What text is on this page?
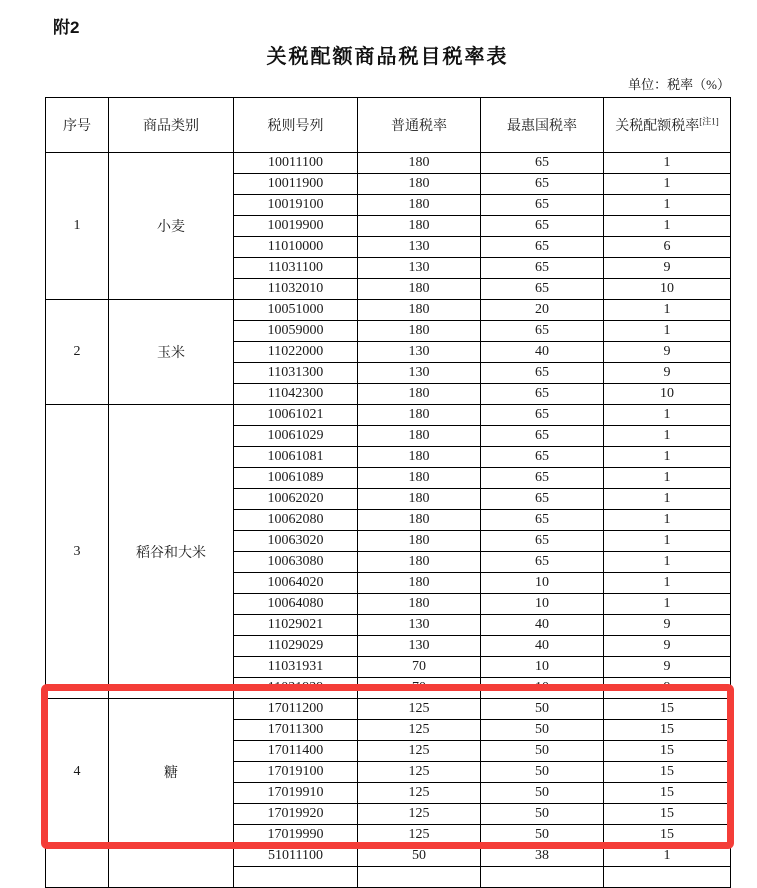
附2
关税配额商品税目税率表
单位：税率（%）
序号	商品类别	税则号列	普通税率	最惠国税率	关税配额税率[注1]
1	小麦	10011100	180	65	1
		10011900	180	65	1
		10019100	180	65	1
		10019900	180	65	1
		11010000	130	65	6
		11031100	130	65	9
		11032010	180	65	10
2	玉米	10051000	180	20	1
		10059000	180	65	1
		11022000	130	40	9
		11031300	130	65	9
		11042300	180	65	10
3	稻谷和大米	10061021	180	65	1
		10061029	180	65	1
		10061081	180	65	1
		10061089	180	65	1
		10062020	180	65	1
		10062080	180	65	1
		10063020	180	65	1
		10063080	180	65	1
		10064020	180	10	1
		10064080	180	10	1
		11029021	130	40	9
		11029029	130	40	9
		11031931	70	10	9
		11031939	70	10	9
4	糖	17011200	125	50	15
		17011300	125	50	15
		17011400	125	50	15
		17019100	125	50	15
		17019910	125	50	15
		17019920	125	50	15
		17019990	125	50	15
		51011100	50	38	1
